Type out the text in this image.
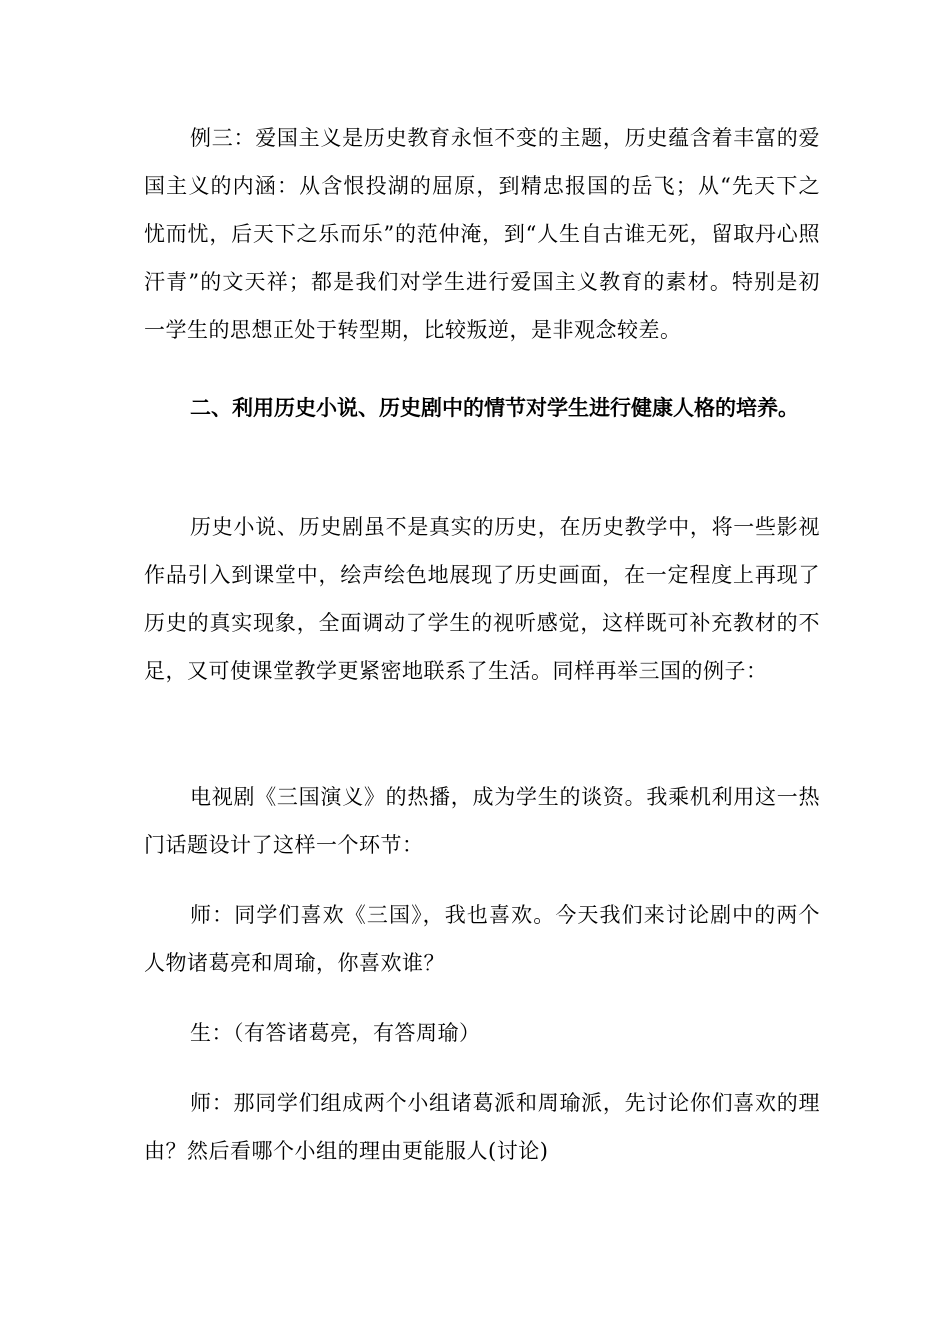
例三：爱国主义是历史教育永恒不变的主题，历史蕴含着丰富的爱国主义的内涵：从含恨投湖的屈原，到精忠报国的岳飞；从“先天下之忧而忧，后天下之乐而乐”的范仲淹，到“人生自古谁无死，留取丹心照汗青”的文天祥；都是我们对学生进行爱国主义教育的素材。特别是初一学生的思想正处于转型期，比较叛逆，是非观念较差。

二、利用历史小说、历史剧中的情节对学生进行健康人格的培养。

历史小说、历史剧虽不是真实的历史，在历史教学中，将一些影视作品引入到课堂中，绘声绘色地展现了历史画面，在一定程度上再现了历史的真实现象，全面调动了学生的视听感觉，这样既可补充教材的不足，又可使课堂教学更紧密地联系了生活。同样再举三国的例子：

电视剧《三国演义》的热播，成为学生的谈资。我乘机利用这一热门话题设计了这样一个环节：

师：同学们喜欢《三国》，我也喜欢。今天我们来讨论剧中的两个人物诸葛亮和周瑜，你喜欢谁？

生：（有答诸葛亮，有答周瑜）

师：那同学们组成两个小组诸葛派和周瑜派，先讨论你们喜欢的理由？然后看哪个小组的理由更能服人(讨论)
